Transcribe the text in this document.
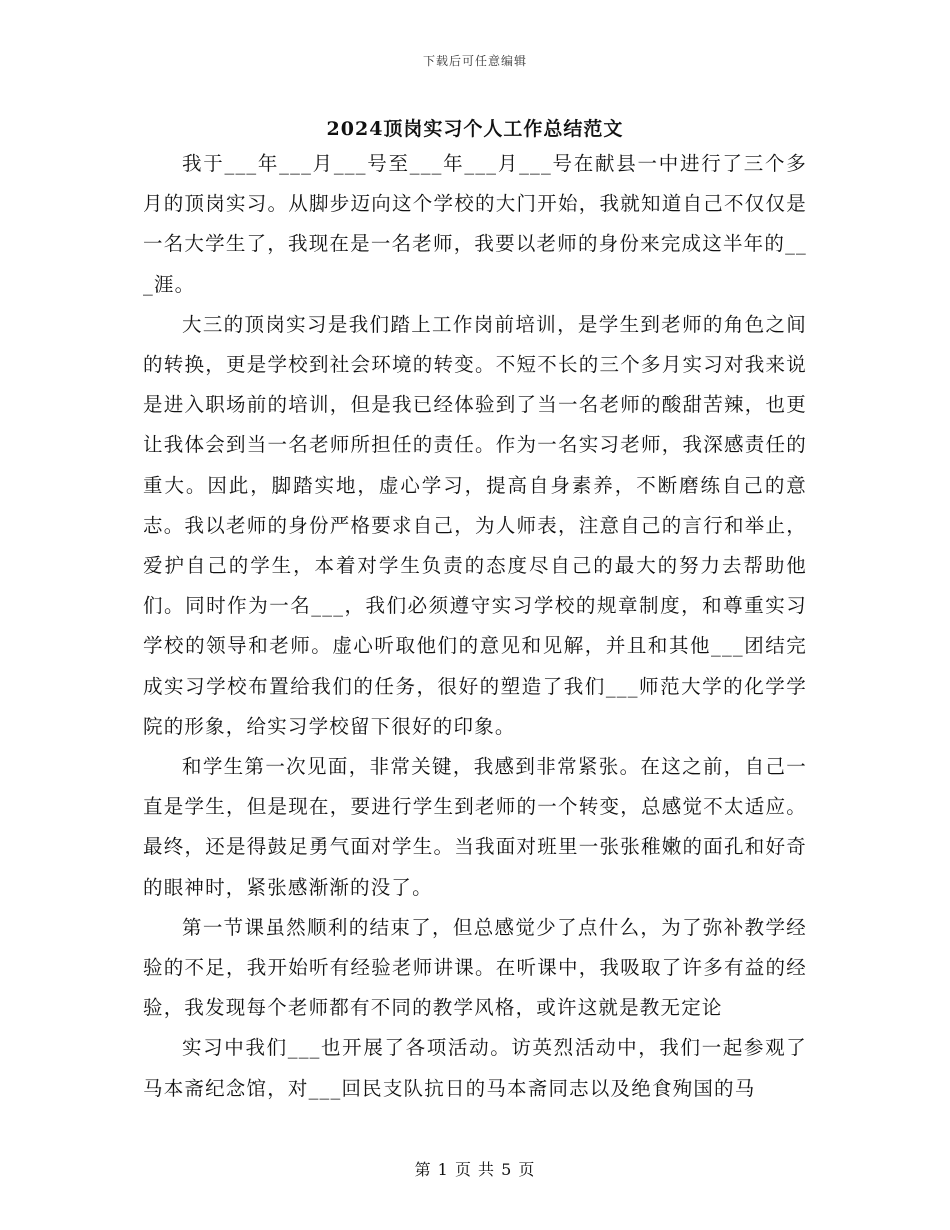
下载后可任意编辑
2024顶岗实习个人工作总结范文

我于___年___月___号至___年___月___号在献县一中进行了三个多月的顶岗实习。从脚步迈向这个学校的大门开始，我就知道自己不仅仅是一名大学生了，我现在是一名老师，我要以老师的身份来完成这半年的___涯。

大三的顶岗实习是我们踏上工作岗前培训，是学生到老师的角色之间的转换，更是学校到社会环境的转变。不短不长的三个多月实习对我来说是进入职场前的培训，但是我已经体验到了当一名老师的酸甜苦辣，也更让我体会到当一名老师所担任的责任。作为一名实习老师，我深感责任的重大。因此，脚踏实地，虚心学习，提高自身素养，不断磨练自己的意志。我以老师的身份严格要求自己，为人师表，注意自己的言行和举止，爱护自己的学生，本着对学生负责的态度尽自己的最大的努力去帮助他们。同时作为一名___，我们必须遵守实习学校的规章制度，和尊重实习学校的领导和老师。虚心听取他们的意见和见解，并且和其他___团结完成实习学校布置给我们的任务，很好的塑造了我们___师范大学的化学学院的形象，给实习学校留下很好的印象。

和学生第一次见面，非常关键，我感到非常紧张。在这之前，自己一直是学生，但是现在，要进行学生到老师的一个转变，总感觉不太适应。最终，还是得鼓足勇气面对学生。当我面对班里一张张稚嫩的面孔和好奇的眼神时，紧张感渐渐的没了。

第一节课虽然顺利的结束了，但总感觉少了点什么，为了弥补教学经验的不足，我开始听有经验老师讲课。在听课中，我吸取了许多有益的经验，我发现每个老师都有不同的教学风格，或许这就是教无定论

实习中我们___也开展了各项活动。访英烈活动中，我们一起参观了马本斋纪念馆，对___回民支队抗日的马本斋同志以及绝食殉国的马

第 1 页 共 5 页
